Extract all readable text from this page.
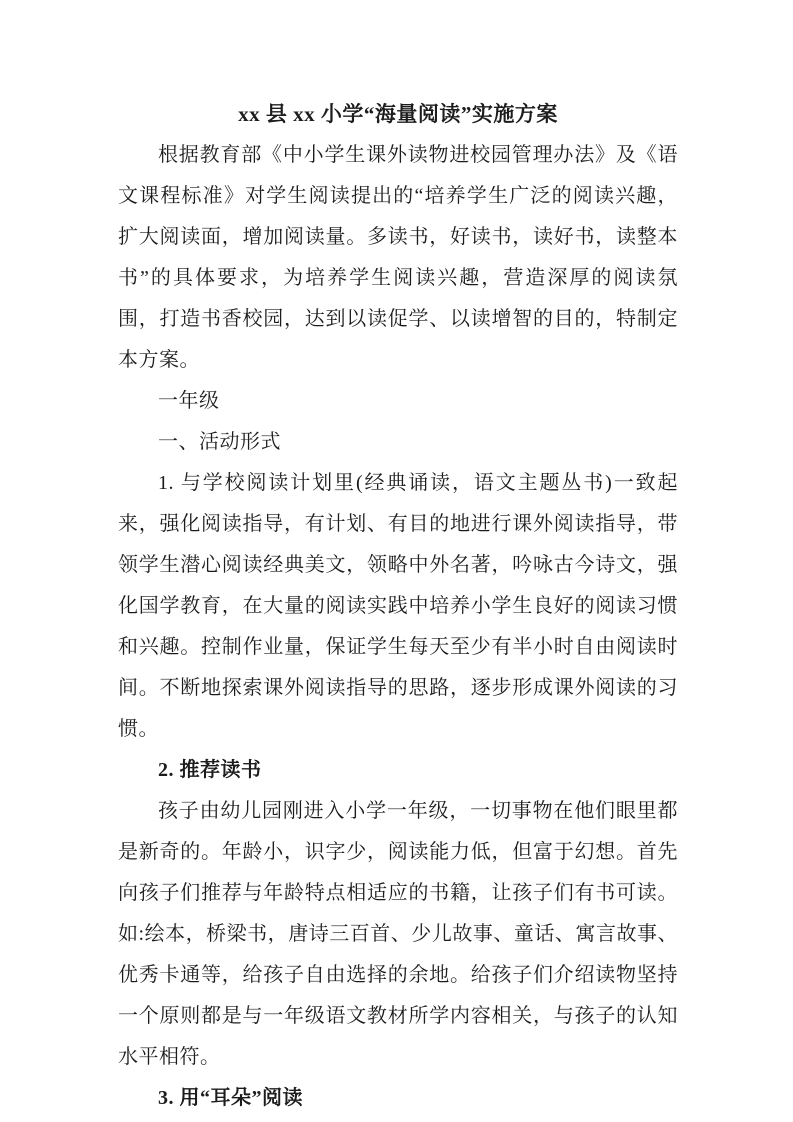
xx 县 xx 小学“海量阅读”实施方案

根据教育部《中小学生课外读物进校园管理办法》及《语文课程标准》对学生阅读提出的“培养学生广泛的阅读兴趣，扩大阅读面，增加阅读量。多读书，好读书，读好书，读整本书”的具体要求，为培养学生阅读兴趣，营造深厚的阅读氛围，打造书香校园，达到以读促学、以读增智的目的，特制定本方案。

一年级

一、活动形式

1. 与学校阅读计划里(经典诵读，语文主题丛书)一致起来，强化阅读指导，有计划、有目的地进行课外阅读指导，带领学生潜心阅读经典美文，领略中外名著，吟咏古今诗文，强化国学教育，在大量的阅读实践中培养小学生良好的阅读习惯和兴趣。控制作业量，保证学生每天至少有半小时自由阅读时间。不断地探索课外阅读指导的思路，逐步形成课外阅读的习惯。

2. 推荐读书

孩子由幼儿园刚进入小学一年级，一切事物在他们眼里都是新奇的。年龄小，识字少，阅读能力低，但富于幻想。首先向孩子们推荐与年龄特点相适应的书籍，让孩子们有书可读。如:绘本，桥梁书，唐诗三百首、少儿故事、童话、寓言故事、优秀卡通等，给孩子自由选择的余地。给孩子们介绍读物坚持一个原则都是与一年级语文教材所学内容相关，与孩子的认知水平相符。

3. 用“耳朵”阅读
